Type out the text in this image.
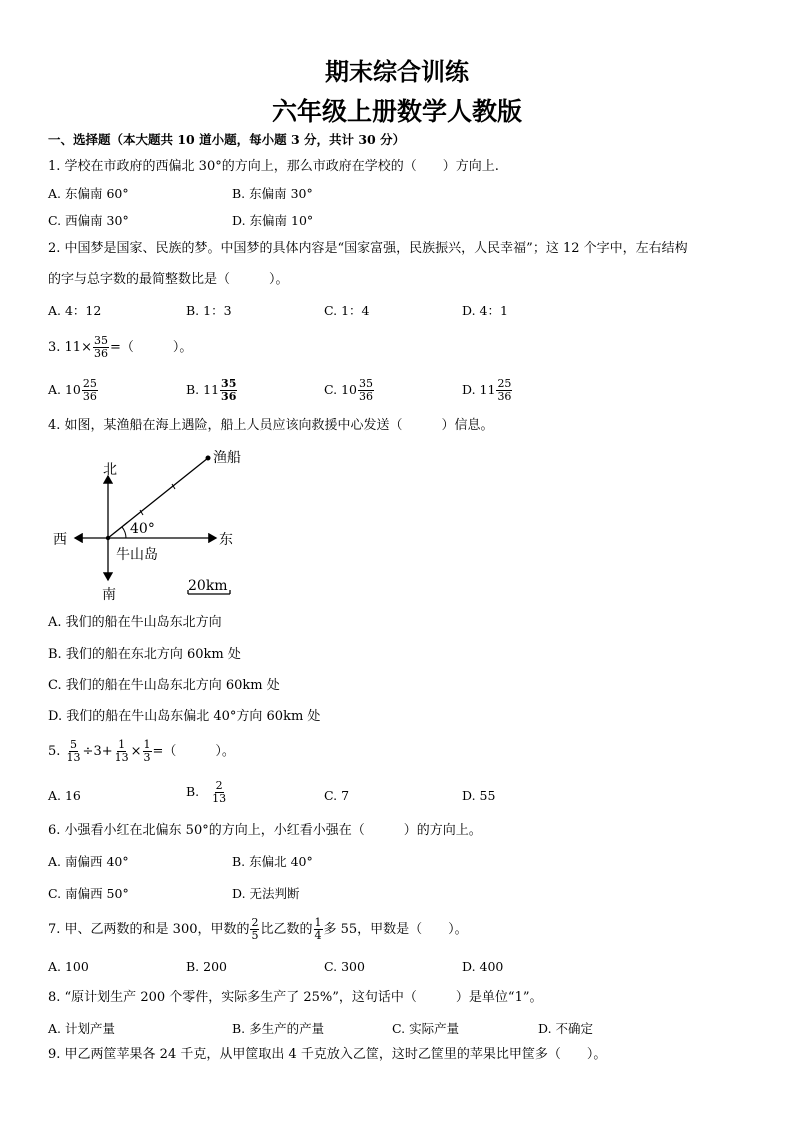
期末综合训练
六年级上册数学人教版
一、选择题（本大题共 10 道小题，每小题 3 分，共计 30 分）
1. 学校在市政府的西偏北 30°的方向上，那么市政府在学校的（　　）方向上.
A. 东偏南 60°	B. 东偏南 30°
C. 西偏南 30°	D. 东偏南 10°
2. 中国梦是国家、民族的梦。中国梦的具体内容是“国家富强，民族振兴，人民幸福”；这 12 个字中，左右结构
的字与总字数的最简整数比是（　　　）。
A. 4：12	B. 1：3	C. 1：4	D. 4：1
3. $11\times \frac{35}{36}$ =（　　　）。
A. $10 \frac{25}{36}$	B. $11 \frac{35}{36}$	C. $10 \frac{35}{36}$	D. $11 \frac{25}{36}$
4. 如图，某渔船在海上遇险，船上人员应该向救援中心发送（　　　）信息。
北
南
西	东
渔船
40°
牛山岛
20km
A. 我们的船在牛山岛东北方向
B. 我们的船在东北方向 60km 处
C. 我们的船在牛山岛东北方向 60km 处
D. 我们的船在牛山岛东偏北 40°方向 60km 处
5. $\frac{5}{13} \div 3+ \frac{1}{13} \times \frac{1}{3}$ =（　　　）。
A. 16	B. $\frac{2}{13}$	C. 7	D. 55
6. 小强看小红在北偏东 50°的方向上，小红看小强在（　　　）的方向上。
A. 南偏西 40°	B. 东偏北 40°
C. 南偏西 50°	D. 无法判断
7. 甲、乙两数的和是 300，甲数的 $\frac{2}{5}$ 比乙数的 $\frac{1}{4}$ 多 55，甲数是（　　）。
A. 100	B. 200	C. 300	D. 400
8. “原计划生产 200 个零件，实际多生产了 25%”，这句话中（　　　）是单位“1”。
A. 计划产量	B. 多生产的产量	C. 实际产量	D. 不确定
9. 甲乙两筐苹果各 24 千克，从甲筐取出 4 千克放入乙筐，这时乙筐里的苹果比甲筐多（　　）。
